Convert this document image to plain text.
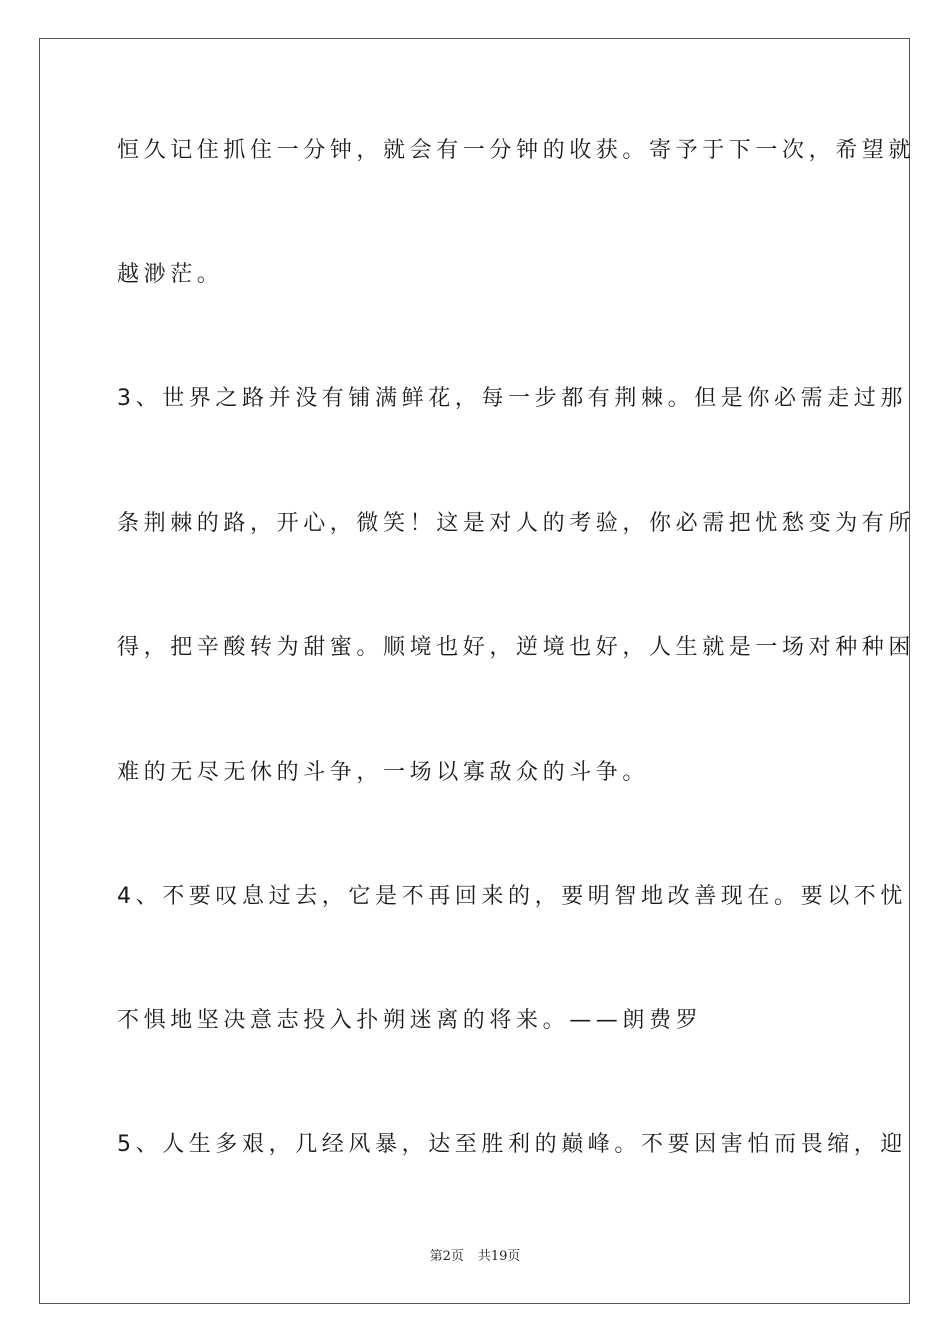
恒久记住抓住一分钟，就会有一分钟的收获。寄予于下一次，希望就
越渺茫。
3、世界之路并没有铺满鲜花，每一步都有荆棘。但是你必需走过那
条荆棘的路，开心，微笑！这是对人的考验，你必需把忧愁变为有所
得，把辛酸转为甜蜜。顺境也好，逆境也好，人生就是一场对种种困
难的无尽无休的斗争，一场以寡敌众的斗争。
4、不要叹息过去，它是不再回来的，要明智地改善现在。要以不忧
不惧地坚决意志投入扑朔迷离的将来。——朗费罗
5、人生多艰，几经风暴，达至胜利的巅峰。不要因害怕而畏缩，迎
第2页 共19页
